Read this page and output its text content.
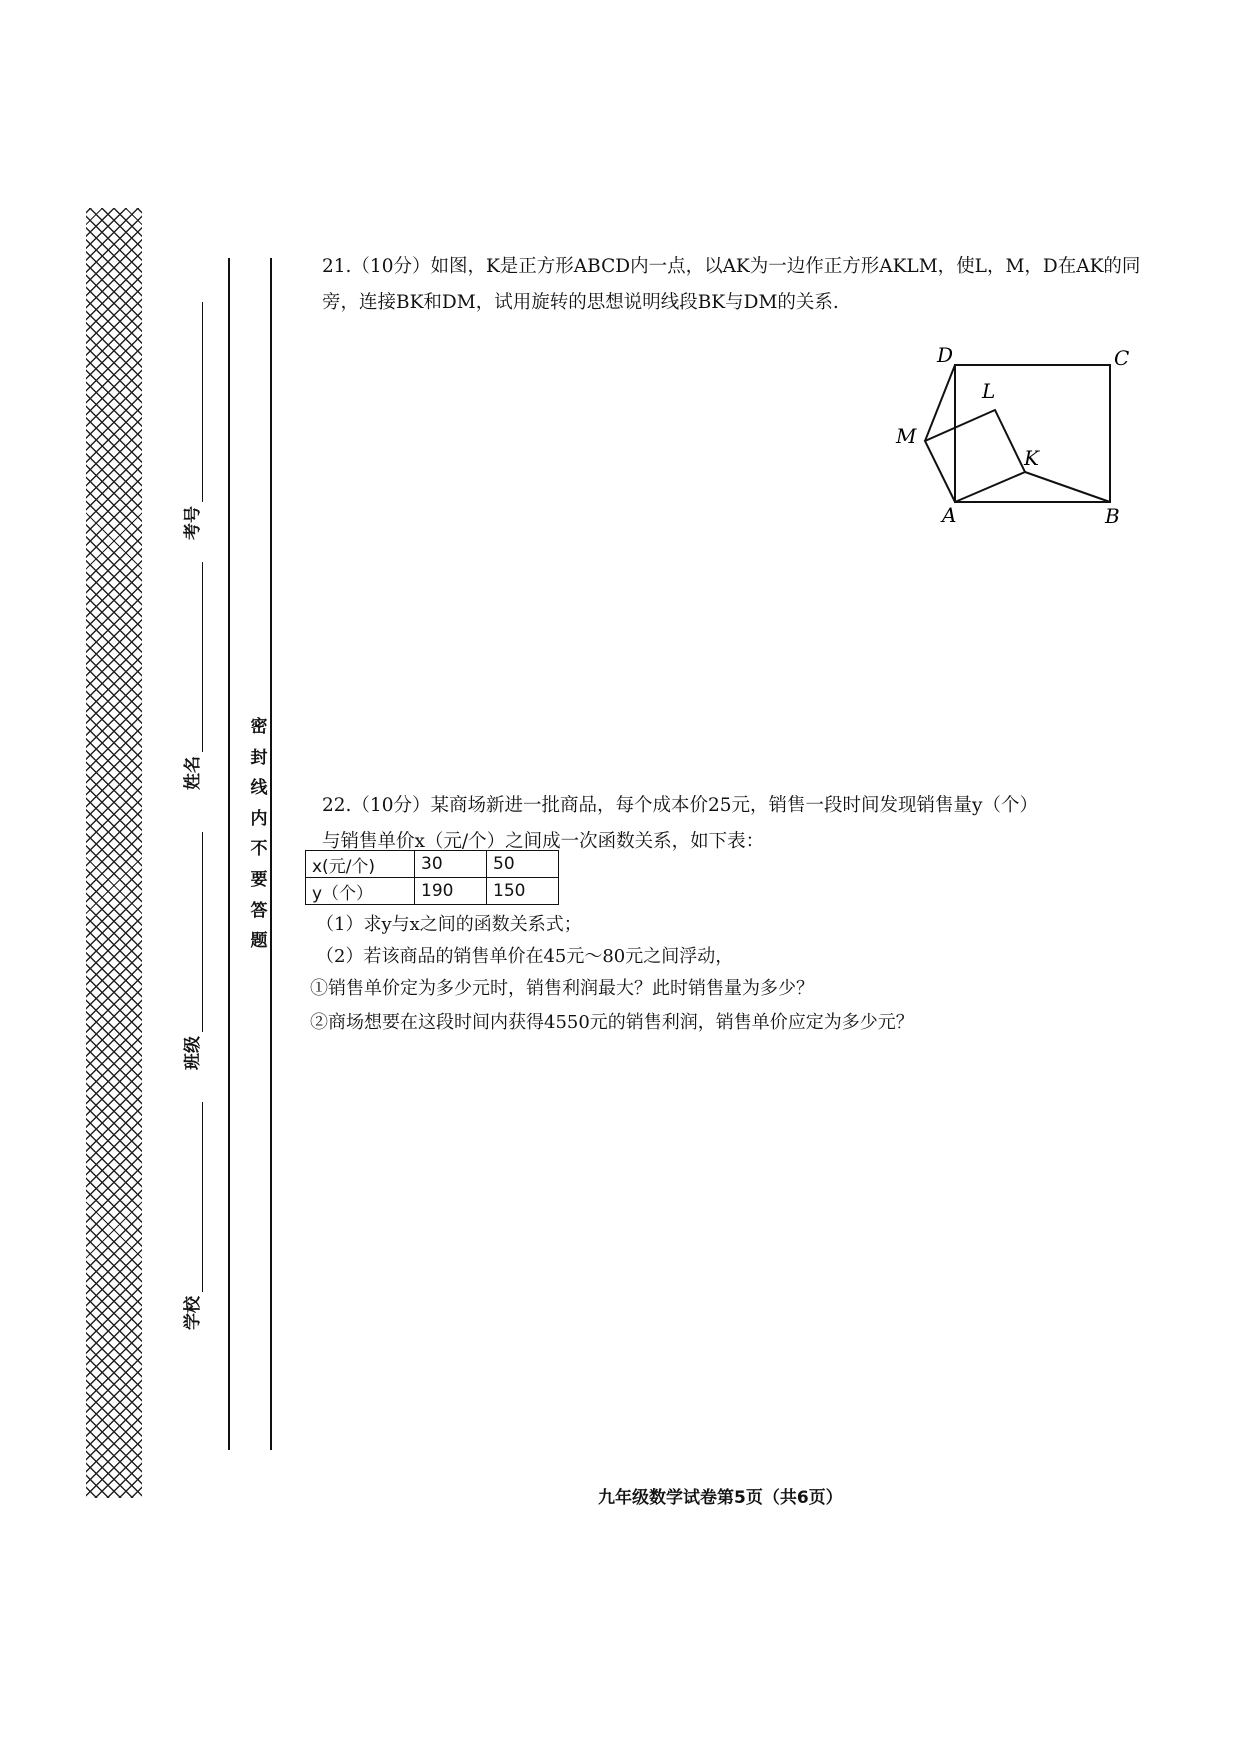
考号
姓名
班级
学校
密封线内不要答题
21.（10分）如图，K是正方形ABCD内一点，以AK为一边作正方形AKLM，使L，M，D在AK的同旁，连接BK和DM，试用旋转的思想说明线段BK与DM的关系.
D	C
L
M
K
A	B
22.（10分）某商场新进一批商品，每个成本价25元，销售一段时间发现销售量y（个）
与销售单价x（元/个）之间成一次函数关系，如下表：
x(元/个)	30	50
y（个）	190	150
（1）求y与x之间的函数关系式；
（2）若该商品的销售单价在45元～80元之间浮动，
①销售单价定为多少元时，销售利润最大？此时销售量为多少？
②商场想要在这段时间内获得4550元的销售利润，销售单价应定为多少元？
九年级数学试卷第5页（共6页）
